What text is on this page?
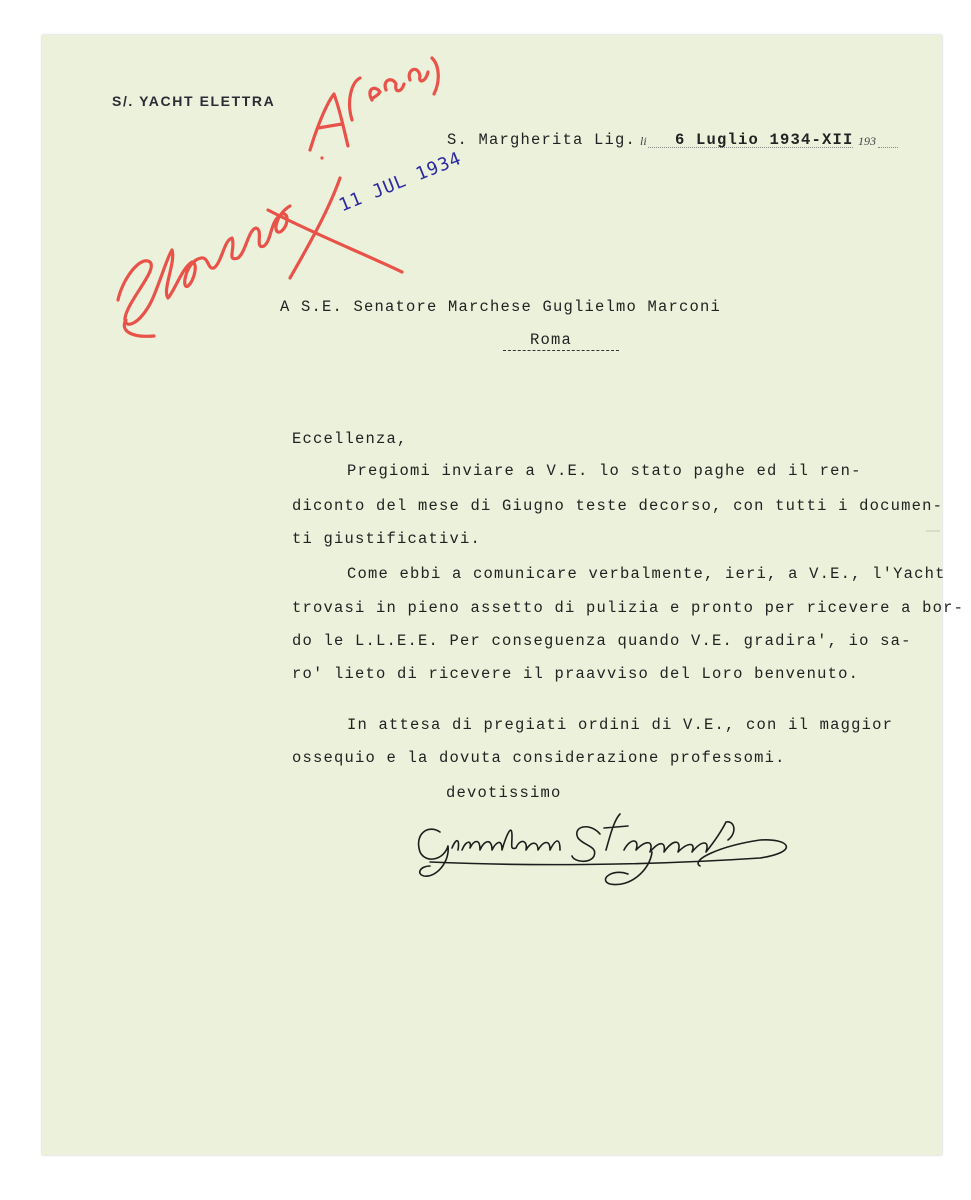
S/. YACHT ELETTRA
S. Margherita Lig. li 6 Luglio 1934-XII 193
11 JUL 1934
A S.E. Senatore Marchese Guglielmo Marconi
Roma
Eccellenza,
Pregiomi inviare a V.E. lo stato paghe ed il ren-
diconto del mese di Giugno teste decorso, con tutti i documen-
ti giustificativi.
Come ebbi a comunicare verbalmente, ieri, a V.E., l'Yacht
trovasi in pieno assetto di pulizia e pronto per ricevere a bor-
do le L.L.E.E. Per conseguenza quando V.E. gradira', io sa-
ro' lieto di ricevere il praavviso del Loro benvenuto.
In attesa di pregiati ordini di V.E., con il maggior
ossequio e la dovuta considerazione professomi.
devotissimo
